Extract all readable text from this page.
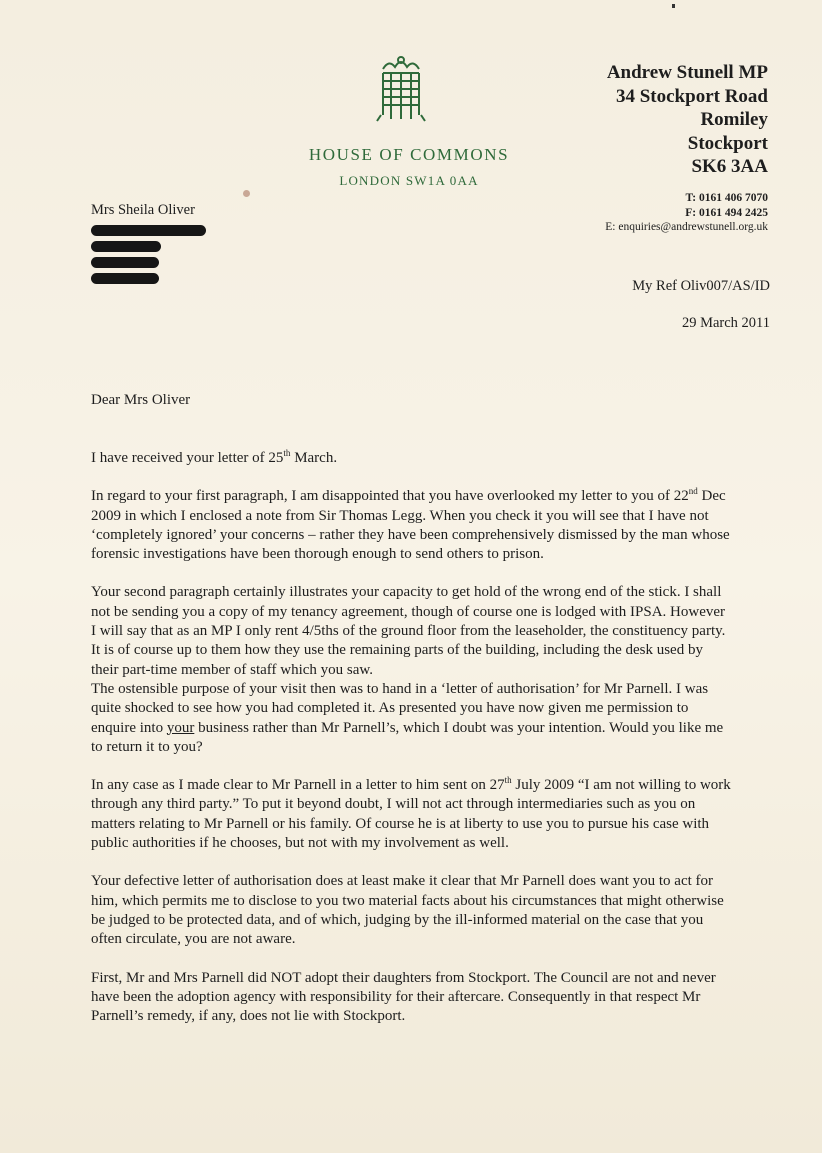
HOUSE OF COMMONS
LONDON SW1A 0AA
Andrew Stunell MP
34 Stockport Road
Romiley
Stockport
SK6 3AA
T: 0161 406 7070
F: 0161 494 2425
E: enquiries@andrewstunell.org.uk
Mrs Sheila Oliver
My Ref Oliv007/AS/ID
29 March 2011
Dear Mrs Oliver

I have received your letter of 25th March.

In regard to your first paragraph, I am disappointed that you have overlooked my letter to you of 22nd Dec 2009 in which I enclosed a note from Sir Thomas Legg. When you check it you will see that I have not ‘completely ignored’ your concerns – rather they have been comprehensively dismissed by the man whose forensic investigations have been thorough enough to send others to prison.

Your second paragraph certainly illustrates your capacity to get hold of the wrong end of the stick. I shall not be sending you a copy of my tenancy agreement, though of course one is lodged with IPSA. However I will say that as an MP I only rent 4/5ths of the ground floor from the leaseholder, the constituency party. It is of course up to them how they use the remaining parts of the building, including the desk used by their part-time member of staff which you saw.

The ostensible purpose of your visit then was to hand in a ‘letter of authorisation’ for Mr Parnell. I was quite shocked to see how you had completed it. As presented you have now given me permission to enquire into your business rather than Mr Parnell’s, which I doubt was your intention. Would you like me to return it to you?

In any case as I made clear to Mr Parnell in a letter to him sent on 27th July 2009 “I am not willing to work through any third party.” To put it beyond doubt, I will not act through intermediaries such as you on matters relating to Mr Parnell or his family. Of course he is at liberty to use you to pursue his case with public authorities if he chooses, but not with my involvement as well.

Your defective letter of authorisation does at least make it clear that Mr Parnell does want you to act for him, which permits me to disclose to you two material facts about his circumstances that might otherwise be judged to be protected data, and of which, judging by the ill-informed material on the case that you often circulate, you are not aware.

First, Mr and Mrs Parnell did NOT adopt their daughters from Stockport. The Council are not and never have been the adoption agency with responsibility for their aftercare. Consequently in that respect Mr Parnell’s remedy, if any, does not lie with Stockport.
